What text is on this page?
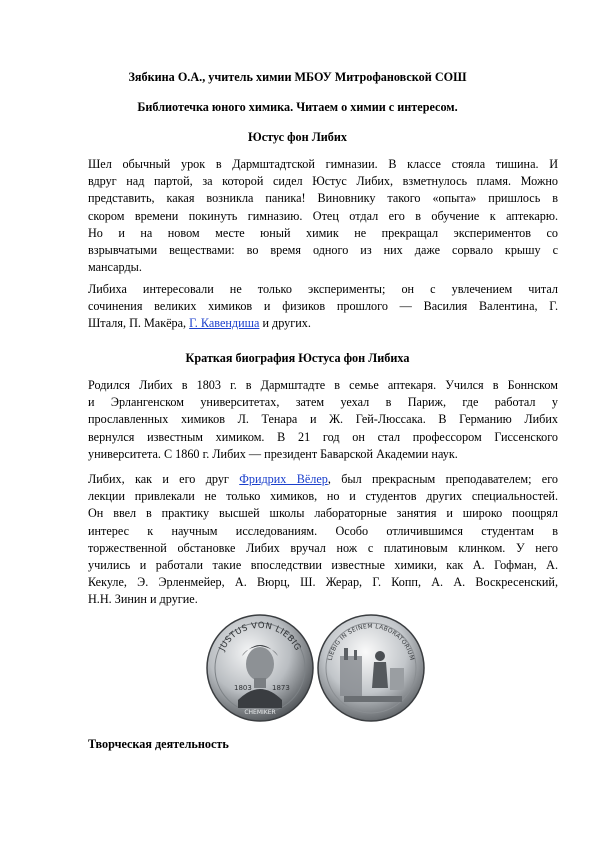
Зябкина О.А., учитель химии МБОУ Митрофановской СОШ
Библиотечка юного химика. Читаем о химии с интересом.
Юстус фон Либих
Шел обычный урок в Дармштадтской гимназии. В классе стояла тишина. И
вдруг над партой, за которой сидел Юстус Либих, взметнулось пламя. Можно
представить, какая возникла паника! Виновнику такого «опыта» пришлось в
скором времени покинуть гимназию. Отец отдал его в обучение к аптекарю.
Но и на новом месте юный химик не прекращал экспериментов со
взрывчатыми веществами: во время одного из них даже сорвало крышу с
мансарды.
Либиха интересовали не только эксперименты; он с увлечением читал
сочинения великих химиков и физиков прошлого — Василия Валентина, Г.
Шталя, П. Макёра, Г. Кавендиша и других.
Краткая биография Юстуса фон Либиха
Родился Либих в 1803 г. в Дармштадте в семье аптекаря. Учился в Боннском
и Эрлангенском университетах, затем уехал в Париж, где работал у
прославленных химиков Л. Тенара и Ж. Гей-Люссака. В Германию Либих
вернулся известным химиком. В 21 год он стал профессором Гиссенского
университета. С 1860 г. Либих — президент Баварской Академии наук.
Либих, как и его друг Фридрих Вёлер, был прекрасным преподавателем; его
лекции привлекали не только химиков, но и студентов других специальностей.
Он ввел в практику высшей школы лабораторные занятия и широко поощрял
интерес к научным исследованиям. Особо отличившимся студентам в
торжественной обстановке Либих вручал нож с платиновым клинком. У него
учились и работали такие впоследствии известные химики, как А. Гофман, А.
Кекуле, Э. Эрленмейер, А. Вюрц, Ш. Жерар, Г. Копп, А. А. Воскресенский,
Н.Н. Зинин и другие.
JUSTUS VON LIEBIG
1803	1873
CHEMIKER
LIEBIG IN SEINEM LABORATORIUM
Творческая деятельность
